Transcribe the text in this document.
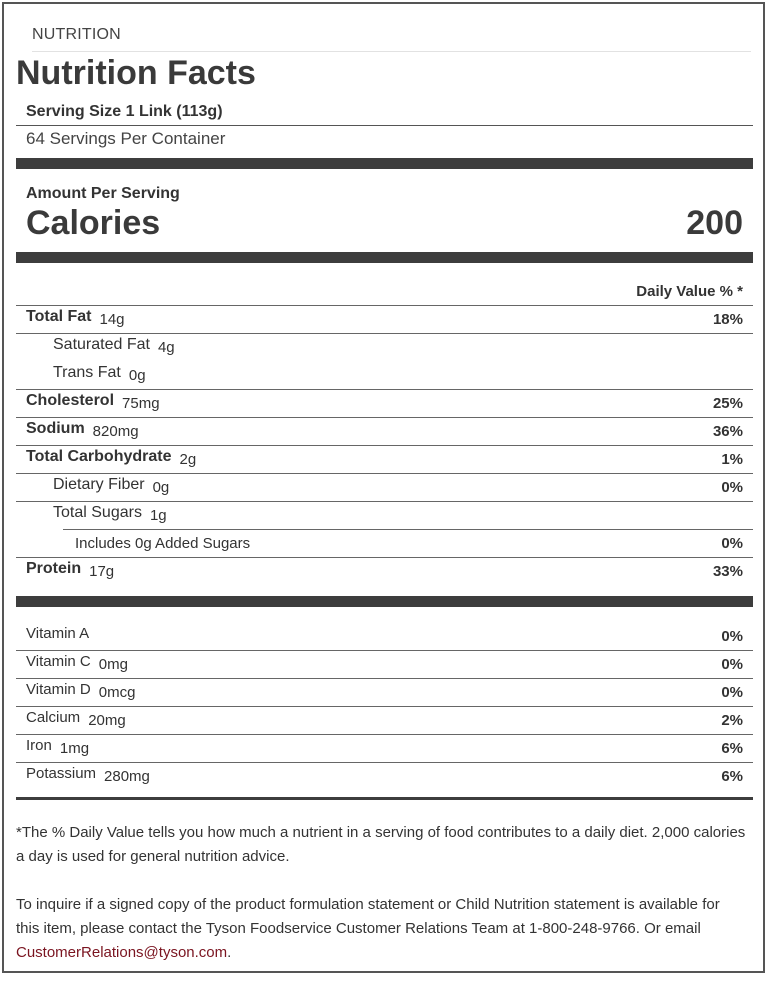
NUTRITION
Nutrition Facts
Serving Size 1 Link (113g)
64 Servings Per Container
Amount Per Serving
Calories	200
Daily Value % *
Total Fat 14g	18%
Saturated Fat 4g
Trans Fat 0g
Cholesterol 75mg	25%
Sodium 820mg	36%
Total Carbohydrate 2g	1%
Dietary Fiber 0g	0%
Total Sugars 1g
Includes 0g Added Sugars	0%
Protein 17g	33%
Vitamin A	0%
Vitamin C 0mg	0%
Vitamin D 0mcg	0%
Calcium 20mg	2%
Iron 1mg	6%
Potassium 280mg	6%
*The % Daily Value tells you how much a nutrient in a serving of food contributes to a daily diet. 2,000 calories a day is used for general nutrition advice.
To inquire if a signed copy of the product formulation statement or Child Nutrition statement is available for this item, please contact the Tyson Foodservice Customer Relations Team at 1-800-248-9766. Or email CustomerRelations@tyson.com.
